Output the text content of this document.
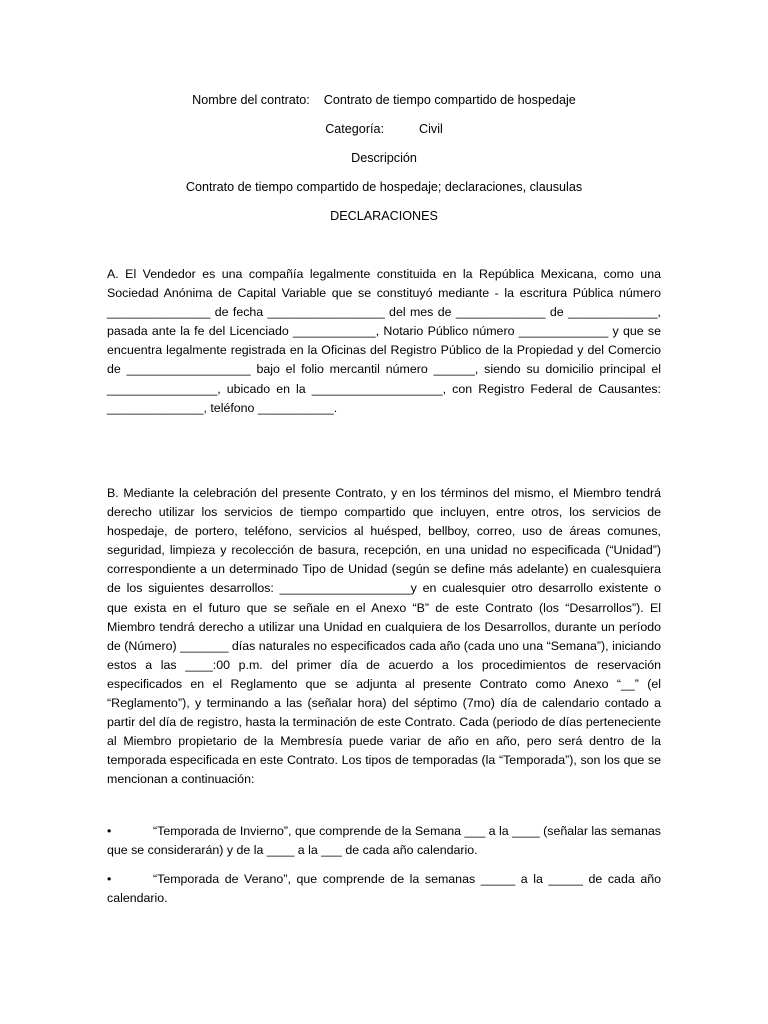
Nombre del contrato:    Contrato de tiempo compartido de hospedaje
Categoría:          Civil
Descripción
Contrato de tiempo compartido de hospedaje; declaraciones, clausulas
DECLARACIONES

A. El Vendedor es una compañía legalmente constituida en la República Mexicana, como una Sociedad Anónima de Capital Variable que se constituyó mediante - la escritura Pública número _______________ de fecha _________________ del mes de _____________ de _____________, pasada ante la fe del Licenciado ____________, Notario Público número _____________ y que se encuentra legalmente registrada en la Oficinas del Registro Público de la Propiedad y del Comercio de __________________ bajo el folio mercantil número ______, siendo su domicilio principal el ________________, ubicado en la ___________________, con Registro Federal de Causantes: ______________, teléfono ___________.

B. Mediante la celebración del presente Contrato, y en los términos del mismo, el Miembro tendrá derecho utilizar los servicios de tiempo compartido que incluyen, entre otros, los servicios de hospedaje, de portero, teléfono, servicios al huésped, bellboy, correo, uso de áreas comunes, seguridad, limpieza y recolección de basura, recepción, en una unidad no especificada (“Unidad”) correspondiente a un determinado Tipo de Unidad (según se define más adelante) en cualesquiera de los siguientes desarrollos: ___________________y en cualesquier otro desarrollo existente o que exista en el futuro que se señale en el Anexo “B” de este Contrato (los “Desarrollos”). El Miembro tendrá derecho a utilizar una Unidad en cualquiera de los Desarrollos, durante un período de (Número) _______ días naturales no especificados cada año (cada uno una “Semana”), iniciando estos a las ____:00 p.m. del primer día de acuerdo a los procedimientos de reservación especificados en el Reglamento que se adjunta al presente Contrato como Anexo “__” (el “Reglamento”), y terminando a las (señalar hora) del séptimo (7mo) día de calendario contado a partir del día de registro, hasta la terminación de este Contrato. Cada (periodo de días perteneciente al Miembro propietario de la Membresía puede variar de año en año, pero será dentro de la temporada especificada en este Contrato. Los tipos de temporadas (la “Temporada”), son los que se mencionan a continuación:

•	“Temporada de Invierno”, que comprende de la Semana ___ a la ____ (señalar las semanas que se considerarán) y de la ____ a la ___ de cada año calendario.
•	“Temporada de Verano”, que comprende de la semanas _____ a la _____ de cada año calendario.
